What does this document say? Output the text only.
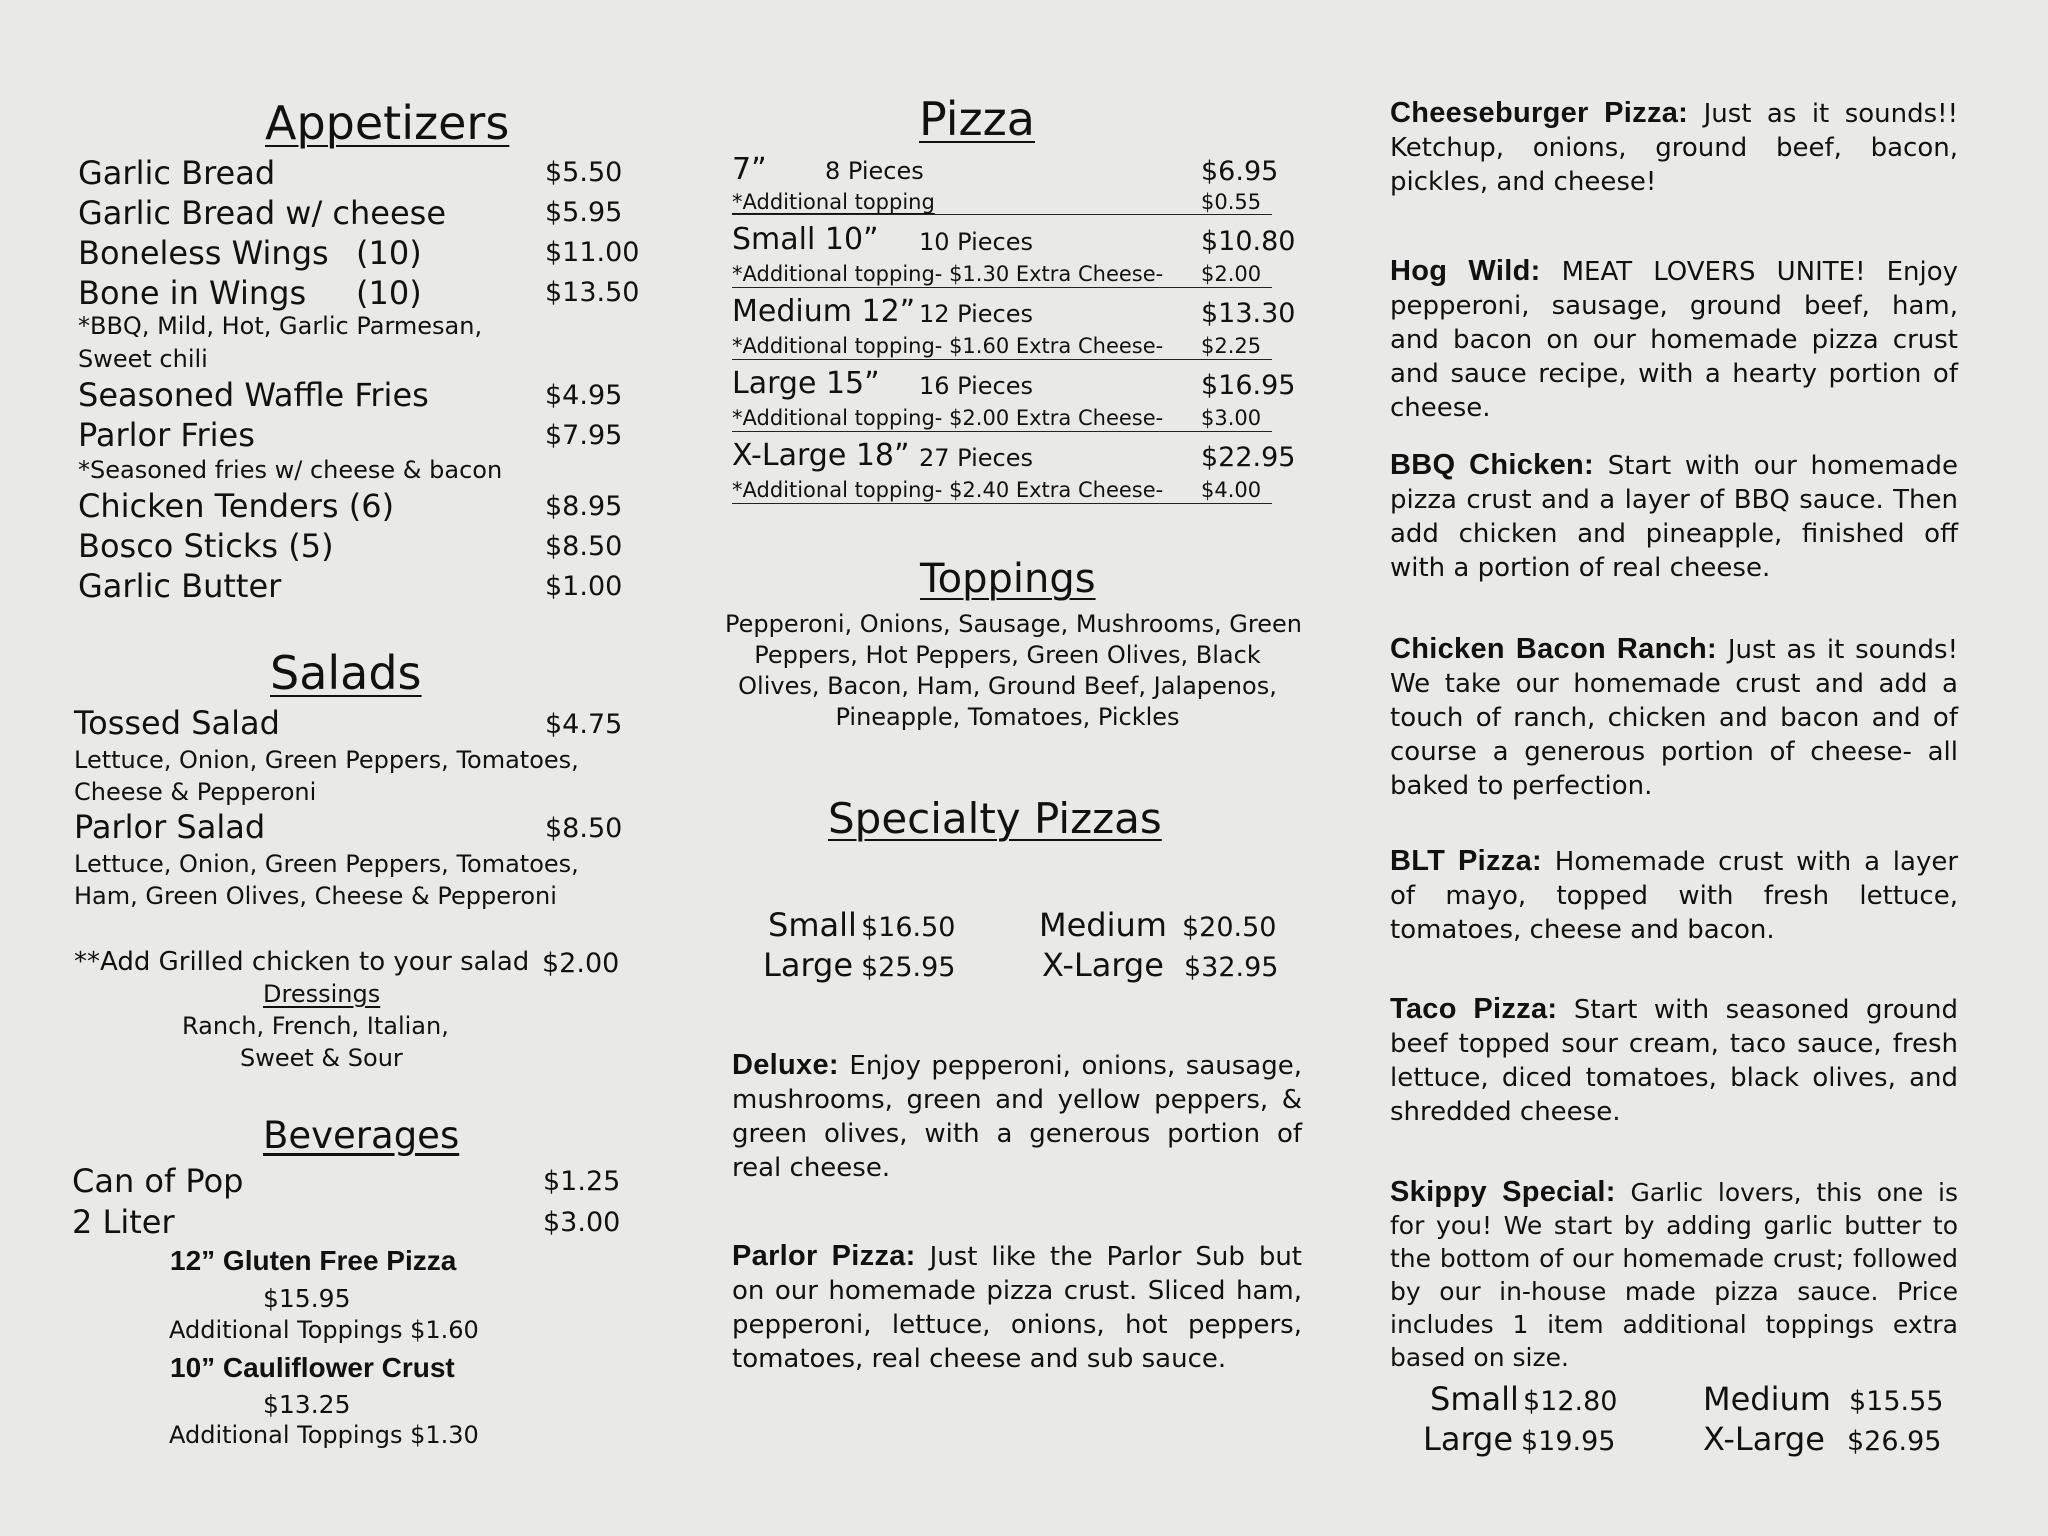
Appetizers
Garlic Bread	$5.50
Garlic Bread w/ cheese	$5.95
Boneless Wings (10)	$11.00
Bone in Wings (10)	$13.50
*BBQ, Mild, Hot, Garlic Parmesan,
Sweet chili
Seasoned Waffle Fries	$4.95
Parlor Fries	$7.95
*Seasoned fries w/ cheese & bacon
Chicken Tenders (6)	$8.95
Bosco Sticks (5)	$8.50
Garlic Butter	$1.00
Salads
Tossed Salad	$4.75
Lettuce, Onion, Green Peppers, Tomatoes,
Cheese & Pepperoni
Parlor Salad	$8.50
Lettuce, Onion, Green Peppers, Tomatoes,
Ham, Green Olives, Cheese & Pepperoni
**Add Grilled chicken to your salad $2.00
Dressings
Ranch, French, Italian,
Sweet & Sour
Beverages
Can of Pop	$1.25
2 Liter	$3.00
12” Gluten Free Pizza
$15.95
Additional Toppings $1.60
10” Cauliflower Crust
$13.25
Additional Toppings $1.30
Pizza
7” 8 Pieces	$6.95
*Additional topping	$0.55
Small 10” 10 Pieces	$10.80
*Additional topping- $1.30 Extra Cheese- $2.00
Medium 12” 12 Pieces	$13.30
*Additional topping- $1.60 Extra Cheese- $2.25
Large 15” 16 Pieces	$16.95
*Additional topping- $2.00 Extra Cheese- $3.00
X-Large 18” 27 Pieces	$22.95
*Additional topping- $2.40 Extra Cheese- $4.00
Toppings
Pepperoni, Onions, Sausage, Mushrooms, Green
Peppers, Hot Peppers, Green Olives, Black
Olives, Bacon, Ham, Ground Beef, Jalapenos,
Pineapple, Tomatoes, Pickles
Specialty Pizzas
Small $16.50	Medium $20.50
Large $25.95	X-Large $32.95
Deluxe: Enjoy pepperoni, onions, sausage, mushrooms, green and yellow peppers, & green olives, with a generous portion of real cheese.
Parlor Pizza: Just like the Parlor Sub but on our homemade pizza crust. Sliced ham, pepperoni, lettuce, onions, hot peppers, tomatoes, real cheese and sub sauce.
Cheeseburger Pizza: Just as it sounds!! Ketchup, onions, ground beef, bacon, pickles, and cheese!
Hog Wild: MEAT LOVERS UNITE! Enjoy pepperoni, sausage, ground beef, ham, and bacon on our homemade pizza crust and sauce recipe, with a hearty portion of cheese.
BBQ Chicken: Start with our homemade pizza crust and a layer of BBQ sauce. Then add chicken and pineapple, finished off with a portion of real cheese.
Chicken Bacon Ranch: Just as it sounds! We take our homemade crust and add a touch of ranch, chicken and bacon and of course a generous portion of cheese- all baked to perfection.
BLT Pizza: Homemade crust with a layer of mayo, topped with fresh lettuce, tomatoes, cheese and bacon.
Taco Pizza: Start with seasoned ground beef topped sour cream, taco sauce, fresh lettuce, diced tomatoes, black olives, and shredded cheese.
Skippy Special: Garlic lovers, this one is for you! We start by adding garlic butter to the bottom of our homemade crust; followed by our in-house made pizza sauce. Price includes 1 item additional toppings extra based on size.
Small $12.80	Medium $15.55
Large $19.95	X-Large $26.95
